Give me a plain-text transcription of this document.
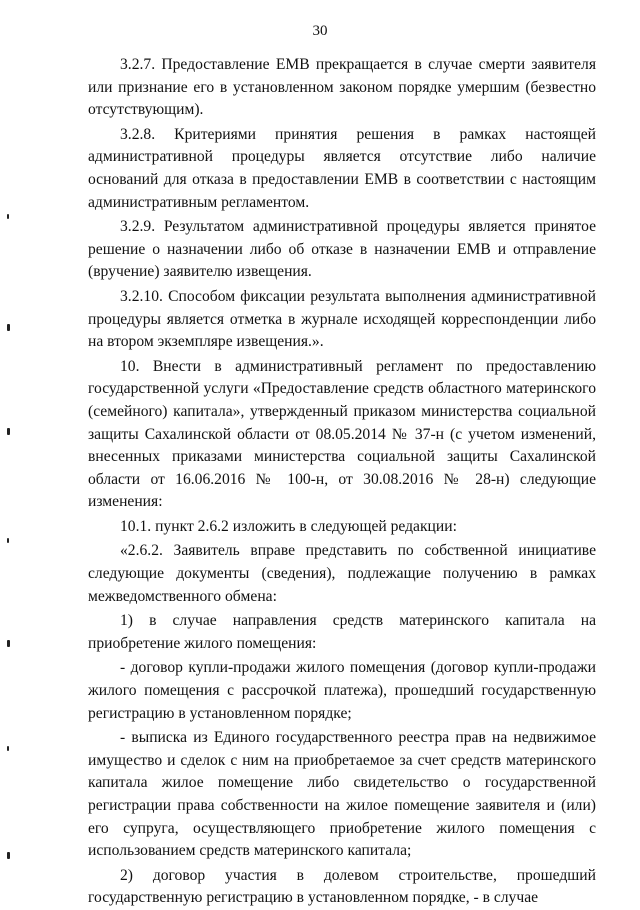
30

3.2.7. Предоставление ЕМВ прекращается в случае смерти заявителя или признание его в установленном законом порядке умершим (безвестно отсутствующим).

3.2.8. Критериями принятия решения в рамках настоящей административной процедуры является отсутствие либо наличие оснований для отказа в предоставлении ЕМВ в соответствии с настоящим административным регламентом.

3.2.9. Результатом административной процедуры является принятое решение о назначении либо об отказе в назначении ЕМВ и отправление (вручение) заявителю извещения.

3.2.10. Способом фиксации результата выполнения административной процедуры является отметка в журнале исходящей корреспонденции либо на втором экземпляре извещения.».

10. Внести в административный регламент по предоставлению государственной услуги «Предоставление средств областного материнского (семейного) капитала», утвержденный приказом министерства социальной защиты Сахалинской области от 08.05.2014 № 37-н (с учетом изменений, внесенных приказами министерства социальной защиты Сахалинской области от 16.06.2016 № 100-н, от 30.08.2016 № 28-н) следующие изменения:

10.1. пункт 2.6.2 изложить в следующей редакции:

«2.6.2. Заявитель вправе представить по собственной инициативе следующие документы (сведения), подлежащие получению в рамках межведомственного обмена:

1) в случае направления средств материнского капитала на приобретение жилого помещения:

- договор купли-продажи жилого помещения (договор купли-продажи жилого помещения с рассрочкой платежа), прошедший государственную регистрацию в установленном порядке;

- выписка из Единого государственного реестра прав на недвижимое имущество и сделок с ним на приобретаемое за счет средств материнского капитала жилое помещение либо свидетельство о государственной регистрации права собственности на жилое помещение заявителя и (или) его супруга, осуществляющего приобретение жилого помещения с использованием средств материнского капитала;

2) договор участия в долевом строительстве, прошедший государственную регистрацию в установленном порядке, - в случае
